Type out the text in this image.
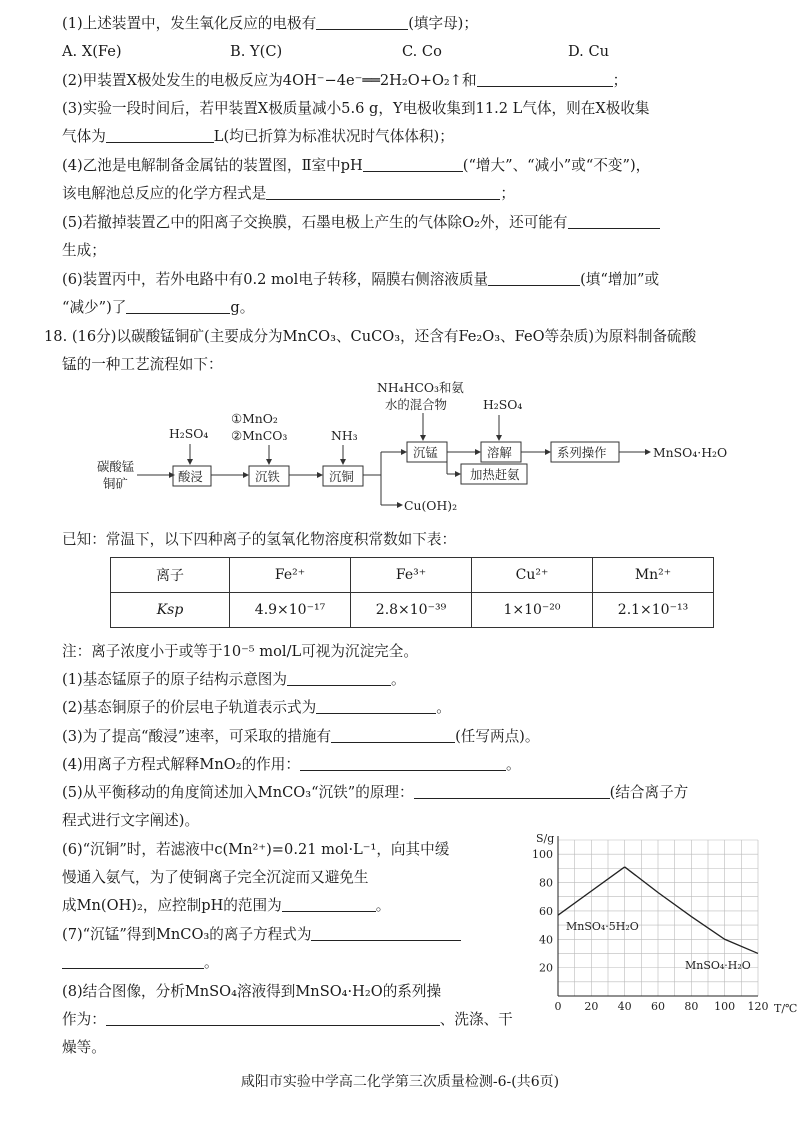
(1)上述装置中，发生氧化反应的电极有	(填字母)；
A. X(Fe)	B. Y(C)	C. Co	D. Cu
(2)甲装置X极处发生的电极反应为4OH⁻−4e⁻══2H₂O+O₂↑和	；
(3)实验一段时间后，若甲装置X极质量减小5.6 g，Y电极收集到11.2 L气体，则在X极收集
气体为	L(均已折算为标准状况时气体体积)；
(4)乙池是电解制备金属钴的装置图，Ⅱ室中pH	(“增大”、“减小”或“不变”)，
该电解池总反应的化学方程式是	；
(5)若撤掉装置乙中的阳离子交换膜，石墨电极上产生的气体除O₂外，还可能有
生成；
(6)装置丙中，若外电路中有0.2 mol电子转移，隔膜右侧溶液质量	(填“增加”或
“减少”)了	g。
18. (16分)以碳酸锰铜矿(主要成分为MnCO₃、CuCO₃，还含有Fe₂O₃、FeO等杂质)为原料制备硫酸
锰的一种工艺流程如下：
碳酸锰
铜矿
H₂SO₄
酸浸
①MnO₂
②MnCO₃
沉铁
NH₃
沉铜
Cu(OH)₂
NH₄HCO₃和氨
水的混合物
沉锰
加热赶氨
H₂SO₄
溶解	系列操作	MnSO₄·H₂O
已知：常温下，以下四种离子的氢氧化物溶度积常数如下表：
离子	Fe²⁺	Fe³⁺	Cu²⁺	Mn²⁺
Ksp	4.9×10⁻¹⁷	2.8×10⁻³⁹	1×10⁻²⁰	2.1×10⁻¹³
注：离子浓度小于或等于10⁻⁵ mol/L可视为沉淀完全。
(1)基态锰原子的原子结构示意图为	。
(2)基态铜原子的价层电子轨道表示式为	。
(3)为了提高“酸浸”速率，可采取的措施有	(任写两点)。
(4)用离子方程式解释MnO₂的作用：	。
(5)从平衡移动的角度简述加入MnCO₃“沉铁”的原理：	(结合离子方
程式进行文字阐述)。
(6)“沉铜”时，若滤液中c(Mn²⁺)=0.21 mol·L⁻¹，向其中缓
慢通入氨气，为了使铜离子完全沉淀而又避免生
成Mn(OH)₂，应控制pH的范围为	。
(7)“沉锰”得到MnCO₃的离子方程式为
。
(8)结合图像，分析MnSO₄溶液得到MnSO₄·H₂O的系列操
作为：	、洗涤、干
燥等。
0 20 40 60 80 100 120
20
40
60
80
100
S/g
T/℃
MnSO₄·5H₂O
MnSO₄·H₂O
咸阳市实验中学高二化学第三次质量检测-6-(共6页)
